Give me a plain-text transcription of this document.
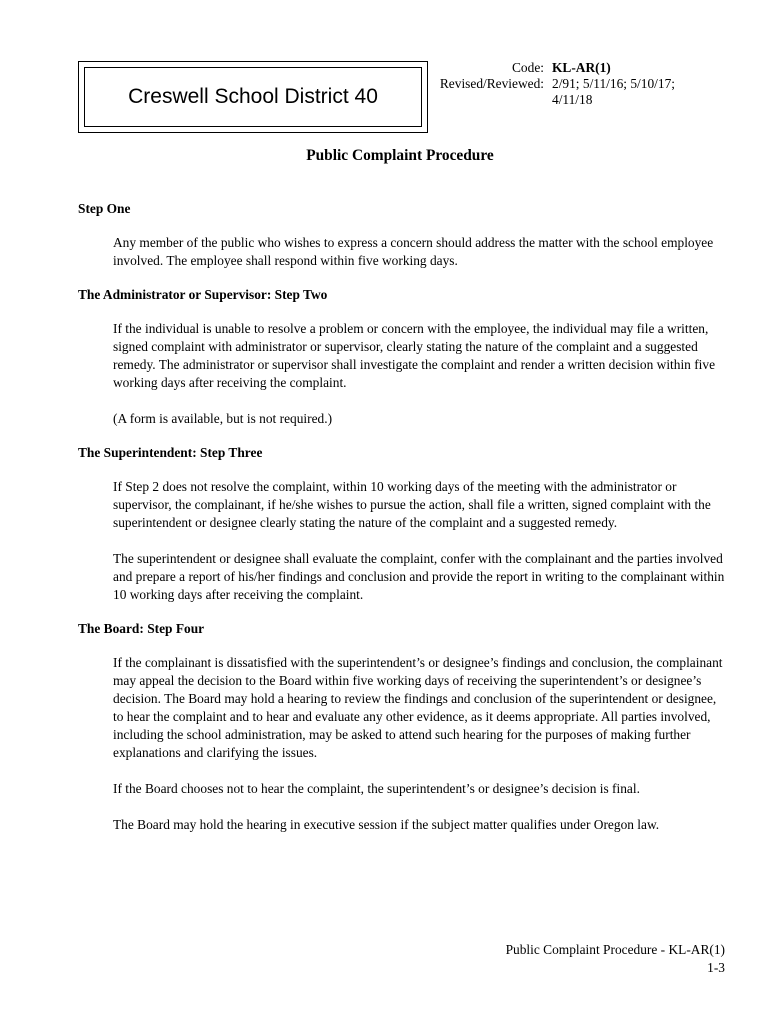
Creswell School District 40
Code:
Revised/Reviewed:
KL-AR(1)
2/91; 5/11/16; 5/10/17;
4/11/18
Public Complaint Procedure

Step One

Any member of the public who wishes to express a concern should address the matter with the school employee involved. The employee shall respond within five working days.

The Administrator or Supervisor: Step Two

If the individual is unable to resolve a problem or concern with the employee, the individual may file a written, signed complaint with administrator or supervisor, clearly stating the nature of the complaint and a suggested remedy. The administrator or supervisor shall investigate the complaint and render a written decision within five working days after receiving the complaint.

(A form is available, but is not required.)

The Superintendent: Step Three

If Step 2 does not resolve the complaint, within 10 working days of the meeting with the administrator or supervisor, the complainant, if he/she wishes to pursue the action, shall file a written, signed complaint with the superintendent or designee clearly stating the nature of the complaint and a suggested remedy.

The superintendent or designee shall evaluate the complaint, confer with the complainant and the parties involved and prepare a report of his/her findings and conclusion and provide the report in writing to the complainant within 10 working days after receiving the complaint.

The Board: Step Four

If the complainant is dissatisfied with the superintendent’s or designee’s findings and conclusion, the complainant may appeal the decision to the Board within five working days of receiving the superintendent’s or designee’s decision. The Board may hold a hearing to review the findings and conclusion of the superintendent or designee, to hear the complaint and to hear and evaluate any other evidence, as it deems appropriate. All parties involved, including the school administration, may be asked to attend such hearing for the purposes of making further explanations and clarifying the issues.

If the Board chooses not to hear the complaint, the superintendent’s or designee’s decision is final.

The Board may hold the hearing in executive session if the subject matter qualifies under Oregon law.

Public Complaint Procedure - KL-AR(1)
1-3
